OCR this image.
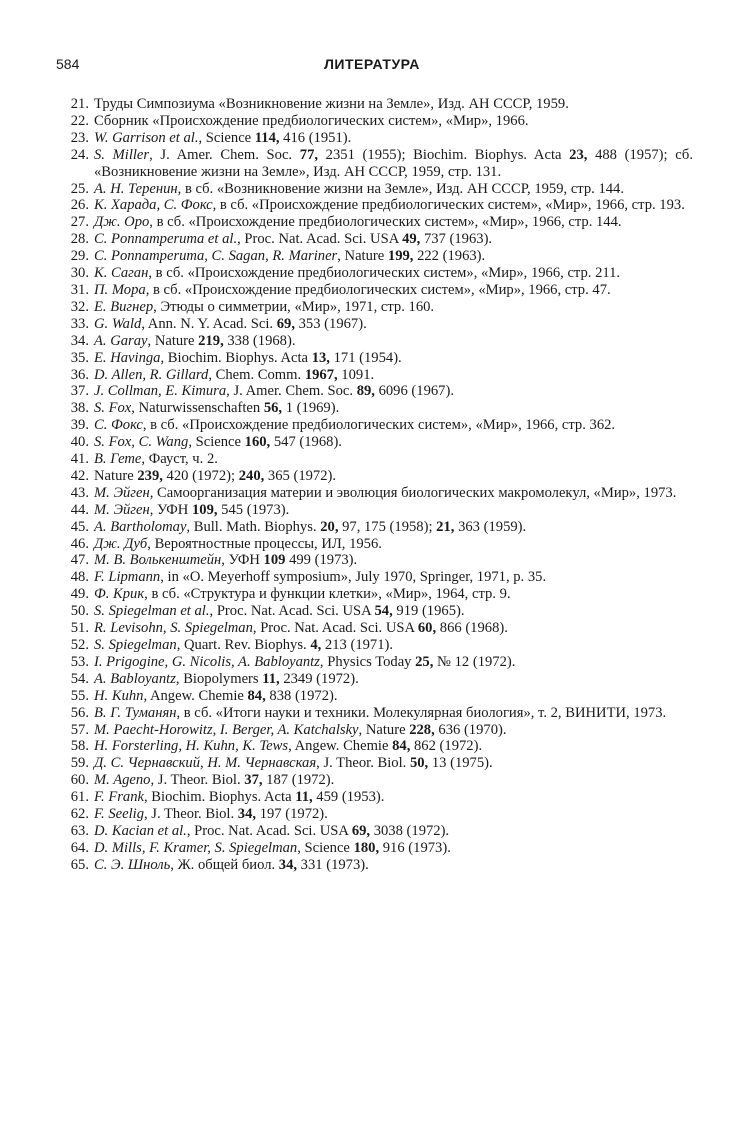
584	ЛИТЕРАТУРА
21. Труды Симпозиума «Возникновение жизни на Земле», Изд. АН СССР, 1959.
22. Сборник «Происхождение предбиологических систем», «Мир», 1966.
23. W. Garrison et al., Science 114, 416 (1951).
24. S. Miller, J. Amer. Chem. Soc. 77, 2351 (1955); Biochim. Biophys. Acta 23, 488 (1957); сб. «Возникновение жизни на Земле», Изд. АН СССР, 1959, стр. 131.
25. А. Н. Теренин, в сб. «Возникновение жизни на Земле», Изд. АН СССР, 1959, стр. 144.
26. К. Харада, С. Фокс, в сб. «Происхождение предбиологических систем», «Мир», 1966, стр. 193.
27. Дж. Оро, в сб. «Происхождение предбиологических систем», «Мир», 1966, стр. 144.
28. C. Ponnamperuma et al., Proc. Nat. Acad. Sci. USA 49, 737 (1963).
29. C. Ponnamperuma, C. Sagan, R. Mariner, Nature 199, 222 (1963).
30. К. Саган, в сб. «Происхождение предбиологических систем», «Мир», 1966, стр. 211.
31. П. Мора, в сб. «Происхождение предбиологических систем», «Мир», 1966, стр. 47.
32. Е. Вигнер, Этюды о симметрии, «Мир», 1971, стр. 160.
33. G. Wald, Ann. N. Y. Acad. Sci. 69, 353 (1967).
34. A. Garay, Nature 219, 338 (1968).
35. E. Havinga, Biochim. Biophys. Acta 13, 171 (1954).
36. D. Allen, R. Gillard, Chem. Comm. 1967, 1091.
37. J. Collman, E. Kimura, J. Amer. Chem. Soc. 89, 6096 (1967).
38. S. Fox, Naturwissenschaften 56, 1 (1969).
39. С. Фокс, в сб. «Происхождение предбиологических систем», «Мир», 1966, стр. 362.
40. S. Fox, C. Wang, Science 160, 547 (1968).
41. В. Гете, Фауст, ч. 2.
42. Nature 239, 420 (1972); 240, 365 (1972).
43. М. Эйген, Самоорганизация материи и эволюция биологических макромолекул, «Мир», 1973.
44. М. Эйген, УФН 109, 545 (1973).
45. A. Bartholomay, Bull. Math. Biophys. 20, 97, 175 (1958); 21, 363 (1959).
46. Дж. Дуб, Вероятностные процессы, ИЛ, 1956.
47. М. В. Волькенштейн, УФН 109 499 (1973).
48. F. Lipmann, in «O. Meyerhoff symposium», July 1970, Springer, 1971, p. 35.
49. Ф. Крик, в сб. «Структура и функции клетки», «Мир», 1964, стр. 9.
50. S. Spiegelman et al., Proc. Nat. Acad. Sci. USA 54, 919 (1965).
51. R. Levisohn, S. Spiegelman, Proc. Nat. Acad. Sci. USA 60, 866 (1968).
52. S. Spiegelman, Quart. Rev. Biophys. 4, 213 (1971).
53. I. Prigogine, G. Nicolis, A. Babloyantz, Physics Today 25, № 12 (1972).
54. A. Babloyantz, Biopolymers 11, 2349 (1972).
55. H. Kuhn, Angew. Chemie 84, 838 (1972).
56. В. Г. Туманян, в сб. «Итоги науки и техники. Молекулярная биология», т. 2, ВИНИТИ, 1973.
57. M. Paecht-Horowitz, I. Berger, A. Katchalsky, Nature 228, 636 (1970).
58. H. Forsterling, H. Kuhn, K. Tews, Angew. Chemie 84, 862 (1972).
59. Д. С. Чернавский, Н. М. Чернавская, J. Theor. Biol. 50, 13 (1975).
60. M. Ageno, J. Theor. Biol. 37, 187 (1972).
61. F. Frank, Biochim. Biophys. Acta 11, 459 (1953).
62. F. Seelig, J. Theor. Biol. 34, 197 (1972).
63. D. Kacian et al., Proc. Nat. Acad. Sci. USA 69, 3038 (1972).
64. D. Mills, F. Kramer, S. Spiegelman, Science 180, 916 (1973).
65. С. Э. Шноль, Ж. общей биол. 34, 331 (1973).
